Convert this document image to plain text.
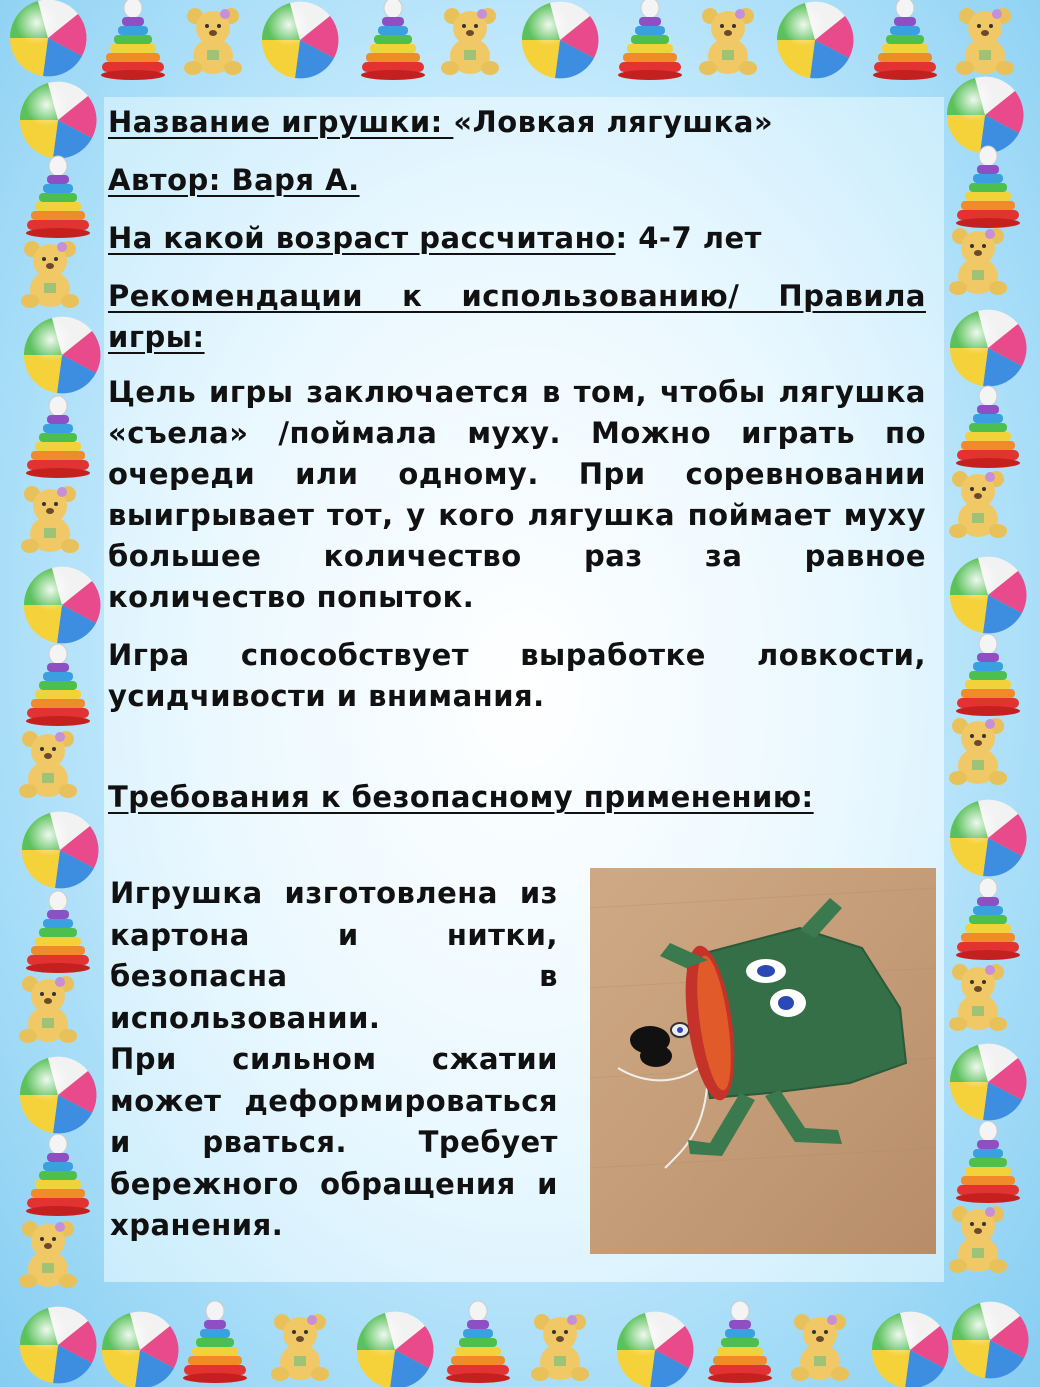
Название игрушки: «Ловкая лягушка»

Автор: Варя А.

На какой возраст рассчитано: 4-7 лет

Рекомендации к использованию/ Правила игры:

Цель игры заключается в том, чтобы лягушка «съела» /поймала муху. Можно играть по очереди или одному. При соревновании выигрывает тот, у кого лягушка поймает муху большее количество раз за равное количество попыток.

Игра способствует выработке ловкости, усидчивости и внимания.

Требования к безопасному применению:

Игрушка изготовлена из картона и нитки, безопасна в использовании.
При сильном сжатии может деформироваться и рваться. Требует бережного обращения и хранения.
